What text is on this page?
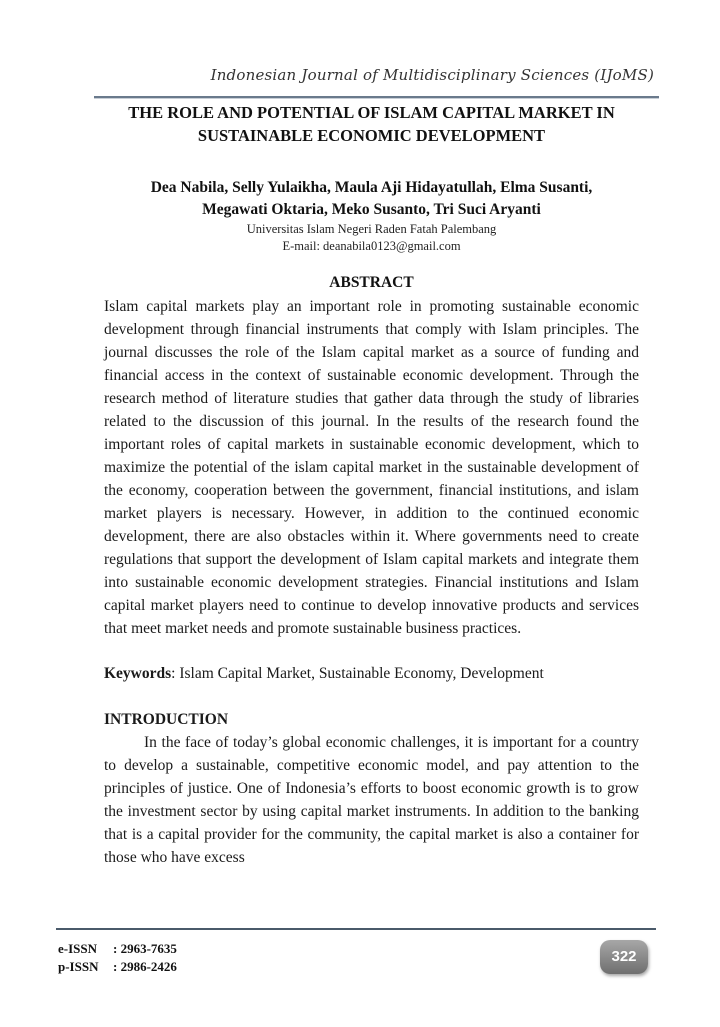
Indonesian Journal of Multidisciplinary Sciences (IJoMS)
THE ROLE AND POTENTIAL OF ISLAM CAPITAL MARKET IN
SUSTAINABLE ECONOMIC DEVELOPMENT
Dea Nabila, Selly Yulaikha, Maula Aji Hidayatullah, Elma Susanti,
Megawati Oktaria, Meko Susanto, Tri Suci Aryanti
Universitas Islam Negeri Raden Fatah Palembang
E-mail: deanabila0123@gmail.com
ABSTRACT

Islam capital markets play an important role in promoting sustainable economic development through financial instruments that comply with Islam principles. The journal discusses the role of the Islam capital market as a source of funding and financial access in the context of sustainable economic development. Through the research method of literature studies that gather data through the study of libraries related to the discussion of this journal. In the results of the research found the important roles of capital markets in sustainable economic development, which to maximize the potential of the islam capital market in the sustainable development of the economy, cooperation between the government, financial institutions, and islam market players is necessary. However, in addition to the continued economic development, there are also obstacles within it. Where governments need to create regulations that support the development of Islam capital markets and integrate them into sustainable economic development strategies. Financial institutions and Islam capital market players need to continue to develop innovative products and services that meet market needs and promote sustainable business practices.

Keywords: Islam Capital Market, Sustainable Economy, Development
INTRODUCTION

In the face of today’s global economic challenges, it is important for a country to develop a sustainable, competitive economic model, and pay attention to the principles of justice. One of Indonesia’s efforts to boost economic growth is to grow the investment sector by using capital market instruments. In addition to the banking that is a capital provider for the community, the capital market is also a container for those who have excess

e-ISSN : 2963-7635
p-ISSN : 2986-2426
322
